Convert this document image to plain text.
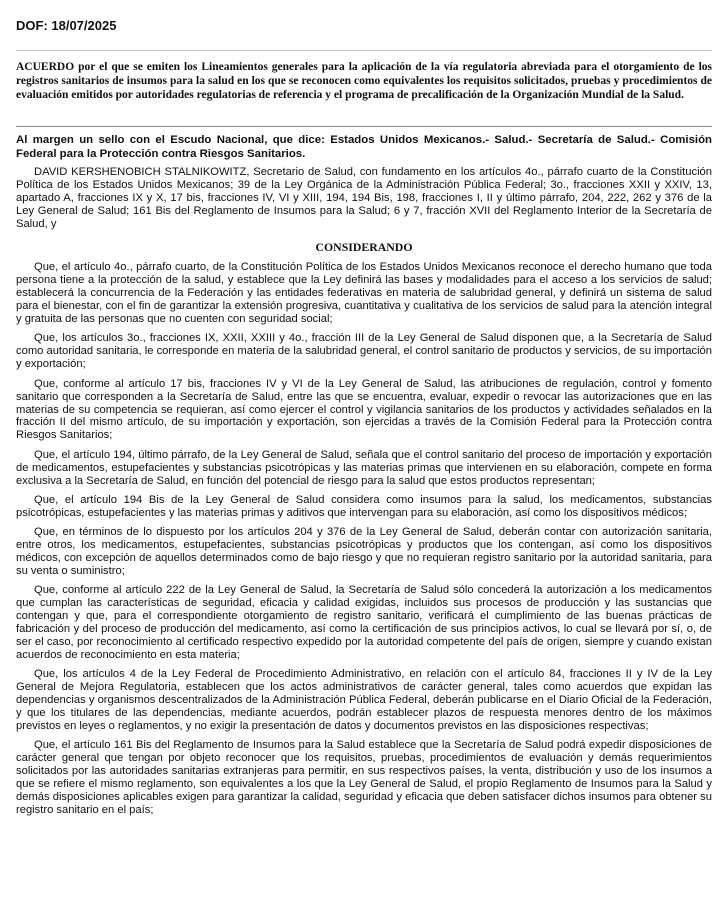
DOF: 18/07/2025

ACUERDO por el que se emiten los Lineamientos generales para la aplicación de la vía regulatoria abreviada para el otorgamiento de los registros sanitarios de insumos para la salud en los que se reconocen como equivalentes los requisitos solicitados, pruebas y procedimientos de evaluación emitidos por autoridades regulatorias de referencia y el programa de precalificación de la Organización Mundial de la Salud.

Al margen un sello con el Escudo Nacional, que dice: Estados Unidos Mexicanos.- Salud.- Secretaría de Salud.- Comisión Federal para la Protección contra Riesgos Sanitarios.

DAVID KERSHENOBICH STALNIKOWITZ, Secretario de Salud, con fundamento en los artículos 4o., párrafo cuarto de la Constitución Política de los Estados Unidos Mexicanos; 39 de la Ley Orgánica de la Administración Pública Federal; 3o., fracciones XXII y XXIV, 13, apartado A, fracciones IX y X, 17 bis, fracciones IV, VI y XIII, 194, 194 Bis, 198, fracciones I, II y último párrafo, 204, 222, 262 y 376 de la Ley General de Salud; 161 Bis del Reglamento de Insumos para la Salud; 6 y 7, fracción XVII del Reglamento Interior de la Secretaría de Salud, y

CONSIDERANDO

Que, el artículo 4o., párrafo cuarto, de la Constitución Política de los Estados Unidos Mexicanos reconoce el derecho humano que toda persona tiene a la protección de la salud, y establece que la Ley definirá las bases y modalidades para el acceso a los servicios de salud; establecerá la concurrencia de la Federación y las entidades federativas en materia de salubridad general, y definirá un sistema de salud para el bienestar, con el fin de garantizar la extensión progresiva, cuantitativa y cualitativa de los servicios de salud para la atención integral y gratuita de las personas que no cuenten con seguridad social;

Que, los artículos 3o., fracciones IX, XXII, XXIII y 4o., fracción III de la Ley General de Salud disponen que, a la Secretaría de Salud como autoridad sanitaria, le corresponde en materia de la salubridad general, el control sanitario de productos y servicios, de su importación y exportación;

Que, conforme al artículo 17 bis, fracciones IV y VI de la Ley General de Salud, las atribuciones de regulación, control y fomento sanitario que corresponden a la Secretaría de Salud, entre las que se encuentra, evaluar, expedir o revocar las autorizaciones que en las materias de su competencia se requieran, así como ejercer el control y vigilancia sanitarios de los productos y actividades señalados en la fracción II del mismo artículo, de su importación y exportación, son ejercidas a través de la Comisión Federal para la Protección contra Riesgos Sanitarios;

Que, el artículo 194, último párrafo, de la Ley General de Salud, señala que el control sanitario del proceso de importación y exportación de medicamentos, estupefacientes y substancias psicotrópicas y las materias primas que intervienen en su elaboración, compete en forma exclusiva a la Secretaría de Salud, en función del potencial de riesgo para la salud que estos productos representan;

Que, el artículo 194 Bis de la Ley General de Salud considera como insumos para la salud, los medicamentos, substancias psicotrópicas, estupefacientes y las materias primas y aditivos que intervengan para su elaboración, así como los dispositivos médicos;

Que, en términos de lo dispuesto por los artículos 204 y 376 de la Ley General de Salud, deberán contar con autorización sanitaria, entre otros, los medicamentos, estupefacientes, substancias psicotrópicas y productos que los contengan, así como los dispositivos médicos, con excepción de aquellos determinados como de bajo riesgo y que no requieran registro sanitario por la autoridad sanitaria, para su venta o suministro;

Que, conforme al artículo 222 de la Ley General de Salud, la Secretaría de Salud sólo concederá la autorización a los medicamentos que cumplan las características de seguridad, eficacia y calidad exigidas, incluidos sus procesos de producción y las sustancias que contengan y que, para el correspondiente otorgamiento de registro sanitario, verificará el cumplimiento de las buenas prácticas de fabricación y del proceso de producción del medicamento, así como la certificación de sus principios activos, lo cual se llevará por sí, o, de ser el caso, por reconocimiento al certificado respectivo expedido por la autoridad competente del país de origen, siempre y cuando existan acuerdos de reconocimiento en esta materia;

Que, los artículos 4 de la Ley Federal de Procedimiento Administrativo, en relación con el artículo 84, fracciones II y IV de la Ley General de Mejora Regulatoria, establecen que los actos administrativos de carácter general, tales como acuerdos que expidan las dependencias y organismos descentralizados de la Administración Pública Federal, deberán publicarse en el Diario Oficial de la Federación, y que los titulares de las dependencias, mediante acuerdos, podrán establecer plazos de respuesta menores dentro de los máximos previstos en leyes o reglamentos, y no exigir la presentación de datos y documentos previstos en las disposiciones respectivas;

Que, el artículo 161 Bis del Reglamento de Insumos para la Salud establece que la Secretaría de Salud podrá expedir disposiciones de carácter general que tengan por objeto reconocer que los requisitos, pruebas, procedimientos de evaluación y demás requerimientos solicitados por las autoridades sanitarias extranjeras para permitir, en sus respectivos países, la venta, distribución y uso de los insumos a que se refiere el mismo reglamento, son equivalentes a los que la Ley General de Salud, el propio Reglamento de Insumos para la Salud y demás disposiciones aplicables exigen para garantizar la calidad, seguridad y eficacia que deben satisfacer dichos insumos para obtener su registro sanitario en el país;
